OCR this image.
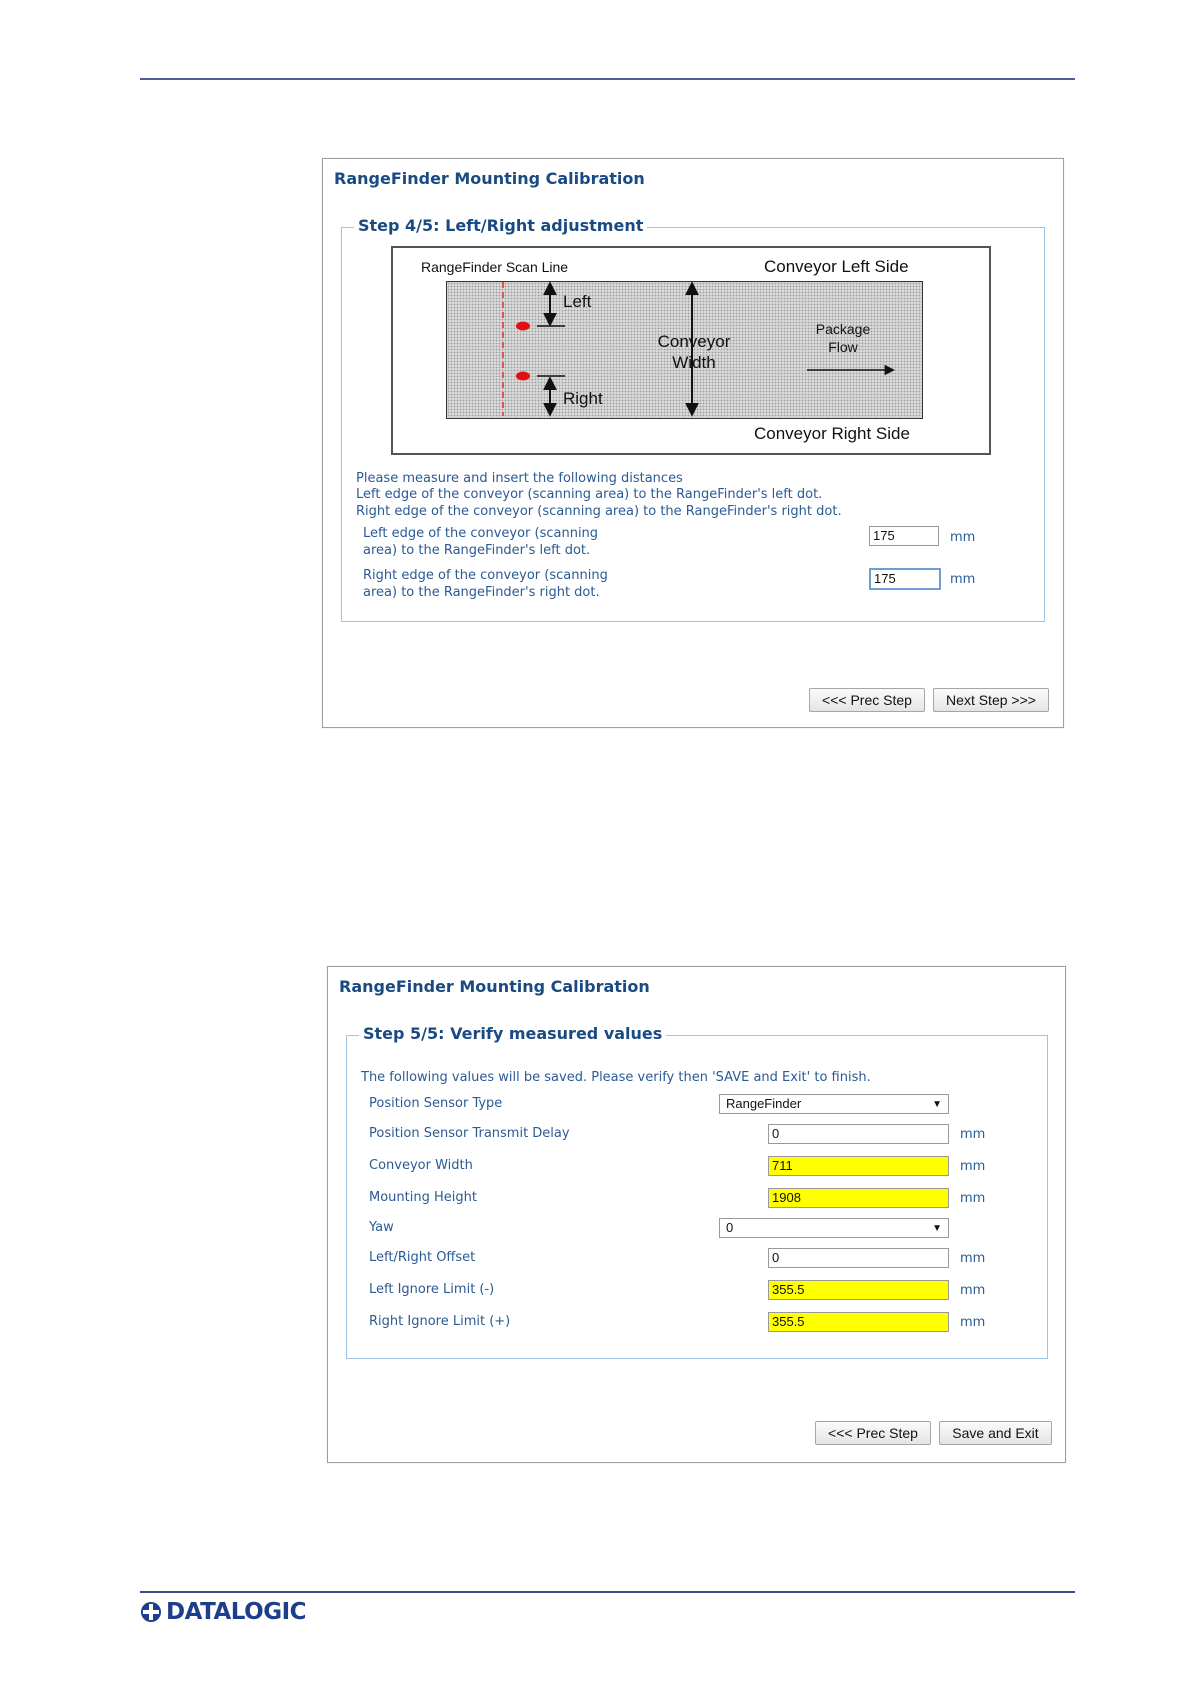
RangeFinder Mounting Calibration
Step 4/5: Left/Right adjustment
RangeFinder Scan Line	Conveyor Left Side
Conveyor Right Side
Left
Right
Conveyor
Width
Package
Flow
Please measure and insert the following distances
Left edge of the conveyor (scanning area) to the RangeFinder's left dot.
Right edge of the conveyor (scanning area) to the RangeFinder's right dot.
Left edge of the conveyor (scanning
area) to the RangeFinder's left dot.
175	mm
Right edge of the conveyor (scanning
area) to the RangeFinder's right dot.
175	mm
<<< Prec Step	Next Step >>>
RangeFinder Mounting Calibration
Step 5/5: Verify measured values
The following values will be saved. Please verify then 'SAVE and Exit' to finish.
Position Sensor Type	RangeFinder	▼
Position Sensor Transmit Delay	0	mm
Conveyor Width	711	mm
Mounting Height	1908	mm
Yaw	0	▼
Left/Right Offset	0	mm
Left Ignore Limit (-)	355.5	mm
Right Ignore Limit (+)	355.5	mm
<<< Prec Step	Save and Exit
DATALOGIC
